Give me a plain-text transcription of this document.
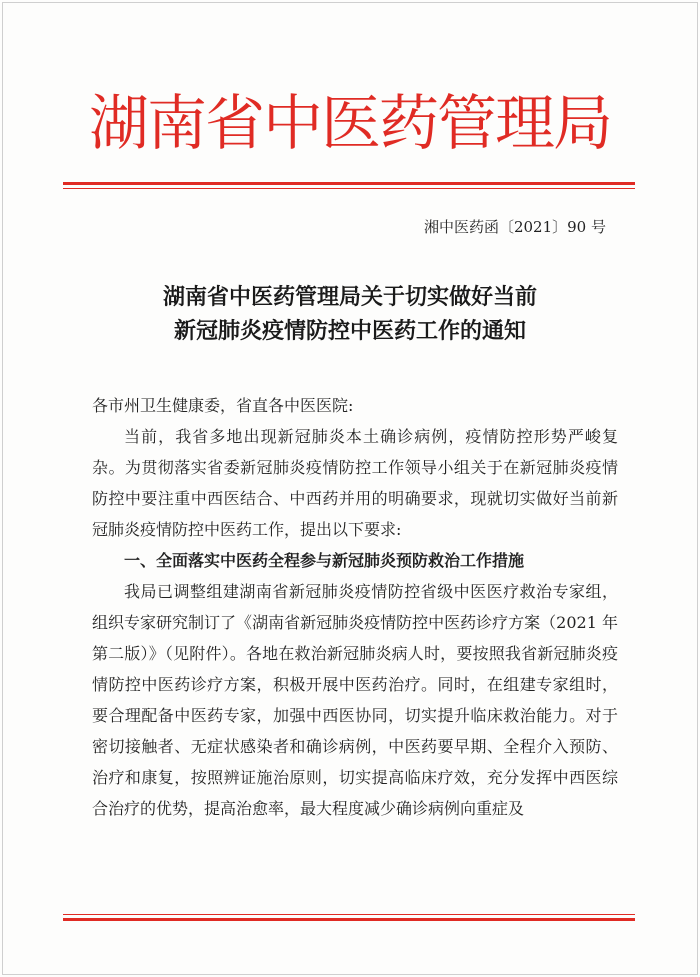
湖南省中医药管理局
湘中医药函〔2021〕90 号
湖南省中医药管理局关于切实做好当前
新冠肺炎疫情防控中医药工作的通知

各市州卫生健康委，省直各中医医院:

当前，我省多地出现新冠肺炎本土确诊病例，疫情防控形势严峻复杂。为贯彻落实省委新冠肺炎疫情防控工作领导小组关于在新冠肺炎疫情防控中要注重中西医结合、中西药并用的明确要求，现就切实做好当前新冠肺炎疫情防控中医药工作，提出以下要求:

一、全面落实中医药全程参与新冠肺炎预防救治工作措施

我局已调整组建湖南省新冠肺炎疫情防控省级中医医疗救治专家组，组织专家研究制订了《湖南省新冠肺炎疫情防控中医药诊疗方案（2021 年第二版）》（见附件）。各地在救治新冠肺炎病人时，要按照我省新冠肺炎疫情防控中医药诊疗方案，积极开展中医药治疗。同时，在组建专家组时，要合理配备中医药专家，加强中西医协同，切实提升临床救治能力。对于密切接触者、无症状感染者和确诊病例，中医药要早期、全程介入预防、治疗和康复，按照辨证施治原则，切实提高临床疗效，充分发挥中西医综合治疗的优势，提高治愈率，最大程度减少确诊病例向重症及
